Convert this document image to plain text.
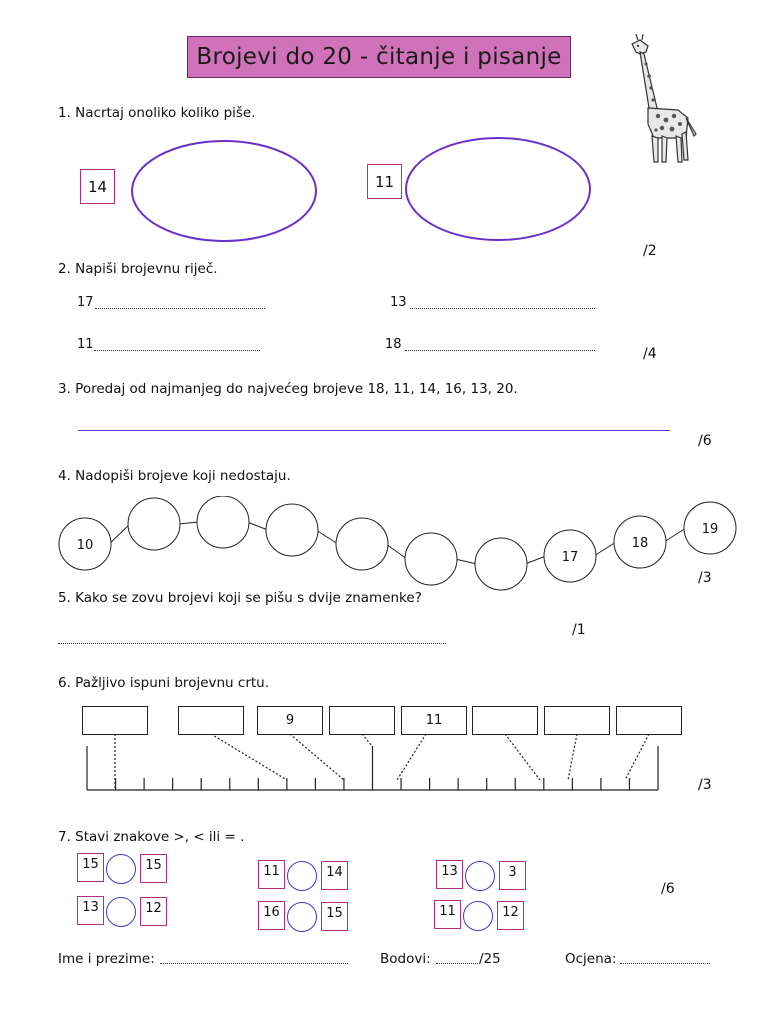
Brojevi do 20 - čitanje i pisanje
1. Nacrtaj onoliko koliko piše.
14	11
/2
2. Napiši brojevnu riječ.
17	13
11	18
/4
3. Poredaj od najmanjeg do najvećeg brojeve 18, 11, 14, 16, 13, 20.
/6
4. Nadopiši brojeve koji nedostaju.
10
17
18
19
/3
5. Kako se zovu brojevi koji se pišu s dvije znamenke?
/1
6. Pažljivo ispuni brojevnu crtu.
9	11
/3
7. Stavi znakove >, < ili = .
15	15	11	14	13	3
13	12	16	15	11	12
/6
Ime i prezime:	Bodovi:	/25	Ocjena:
